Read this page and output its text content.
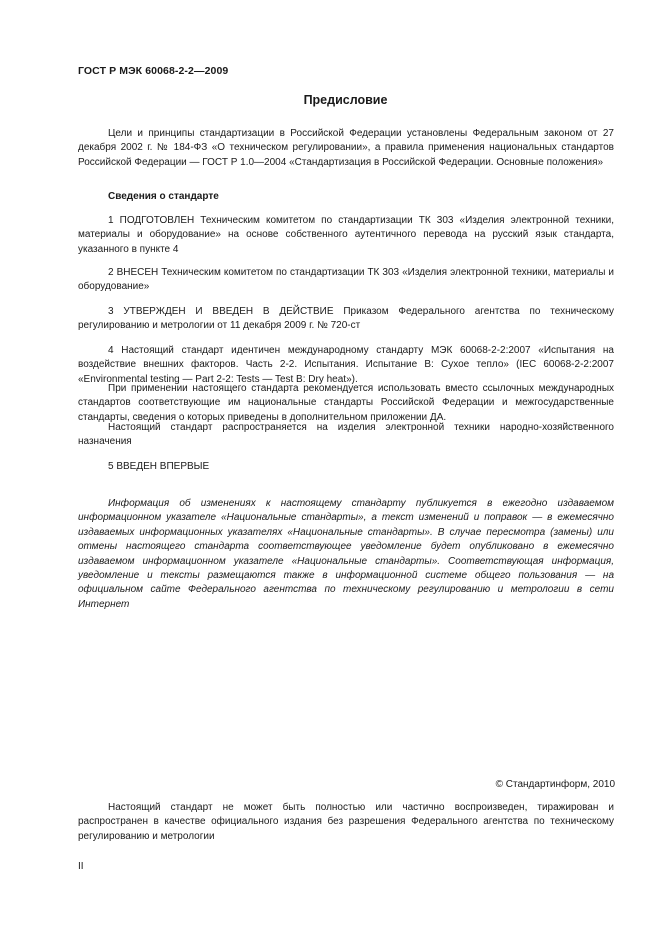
ГОСТ Р МЭК 60068-2-2—2009
Предисловие

Цели и принципы стандартизации в Российской Федерации установлены Федеральным законом от 27 декабря 2002 г. № 184-ФЗ «О техническом регулировании», а правила применения национальных стандартов Российской Федерации — ГОСТ Р 1.0—2004 «Стандартизация в Российской Федерации. Основные положения»

Сведения о стандарте

1 ПОДГОТОВЛЕН Техническим комитетом по стандартизации ТК 303 «Изделия электронной техники, материалы и оборудование» на основе собственного аутентичного перевода на русский язык стандарта, указанного в пункте 4

2 ВНЕСЕН Техническим комитетом по стандартизации ТК 303 «Изделия электронной техники, материалы и оборудование»

3 УТВЕРЖДЕН И ВВЕДЕН В ДЕЙСТВИЕ Приказом Федерального агентства по техническому регулированию и метрологии от 11 декабря 2009 г. № 720-ст

4 Настоящий стандарт идентичен международному стандарту МЭК 60068-2-2:2007 «Испытания на воздействие внешних факторов. Часть 2-2. Испытания. Испытание В: Сухое тепло» (IEC 60068-2-2:2007 «Environmental testing — Part 2-2: Tests — Test B: Dry heat»).

При применении настоящего стандарта рекомендуется использовать вместо ссылочных международных стандартов соответствующие им национальные стандарты Российской Федерации и межгосударственные стандарты, сведения о которых приведены в дополнительном приложении ДА.

Настоящий стандарт распространяется на изделия электронной техники народно-хозяйственного назначения

5 ВВЕДЕН ВПЕРВЫЕ

Информация об изменениях к настоящему стандарту публикуется в ежегодно издаваемом информационном указателе «Национальные стандарты», а текст изменений и поправок — в ежемесячно издаваемых информационных указателях «Национальные стандарты». В случае пересмотра (замены) или отмены настоящего стандарта соответствующее уведомление будет опубликовано в ежемесячно издаваемом информационном указателе «Национальные стандарты». Соответствующая информация, уведомление и тексты размещаются также в информационной системе общего пользования — на официальном сайте Федерального агентства по техническому регулированию и метрологии в сети Интернет

© Стандартинформ, 2010

Настоящий стандарт не может быть полностью или частично воспроизведен, тиражирован и распространен в качестве официального издания без разрешения Федерального агентства по техническому регулированию и метрологии

II
